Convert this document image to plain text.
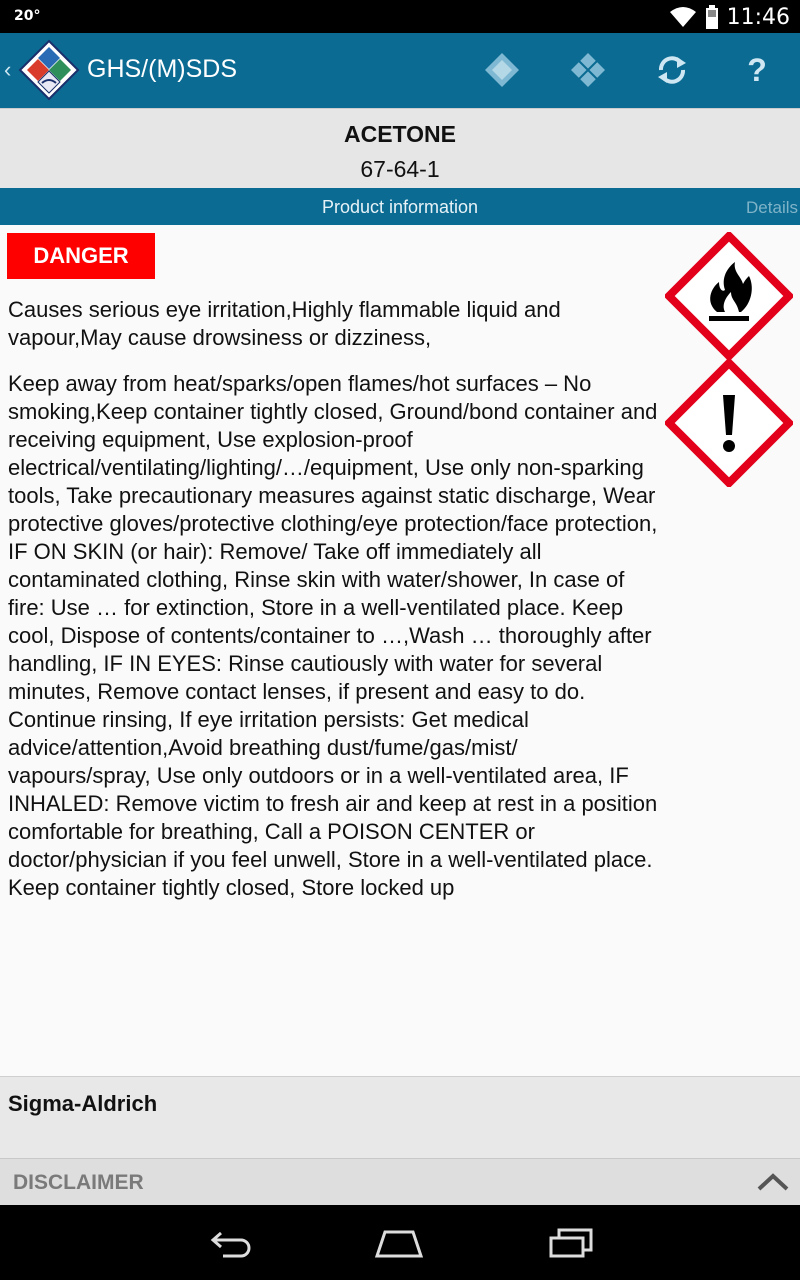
20°	11:46
‹	GHS/(M)SDS	?
ACETONE
67-64-1
Product information	Details
DANGER
Causes serious eye irritation,Highly flammable liquid and vapour,May cause drowsiness or dizziness,
Keep away from heat/sparks/open flames/hot surfaces – No smoking,Keep container tightly closed, Ground/bond container and receiving equipment, Use explosion-proof electrical/ventilating/lighting/…/equipment, Use only non-sparking tools, Take precautionary measures against static discharge, Wear protective gloves/protective clothing/eye protection/face protection, IF ON SKIN (or hair): Remove/ Take off immediately all contaminated clothing, Rinse skin with water/shower, In case of fire: Use … for extinction, Store in a well-ventilated place. Keep cool, Dispose of contents/container to …,Wash … thoroughly after handling, IF IN EYES: Rinse cautiously with water for several minutes, Remove contact lenses, if present and easy to do. Continue rinsing, If eye irritation persists: Get medical advice/attention,Avoid breathing dust/fume/gas/mist/ vapours/spray, Use only outdoors or in a well-ventilated area, IF INHALED: Remove victim to fresh air and keep at rest in a position comfortable for breathing, Call a POISON CENTER or doctor/physician if you feel unwell, Store in a well-ventilated place. Keep container tightly closed, Store locked up
Sigma-Aldrich
DISCLAIMER
